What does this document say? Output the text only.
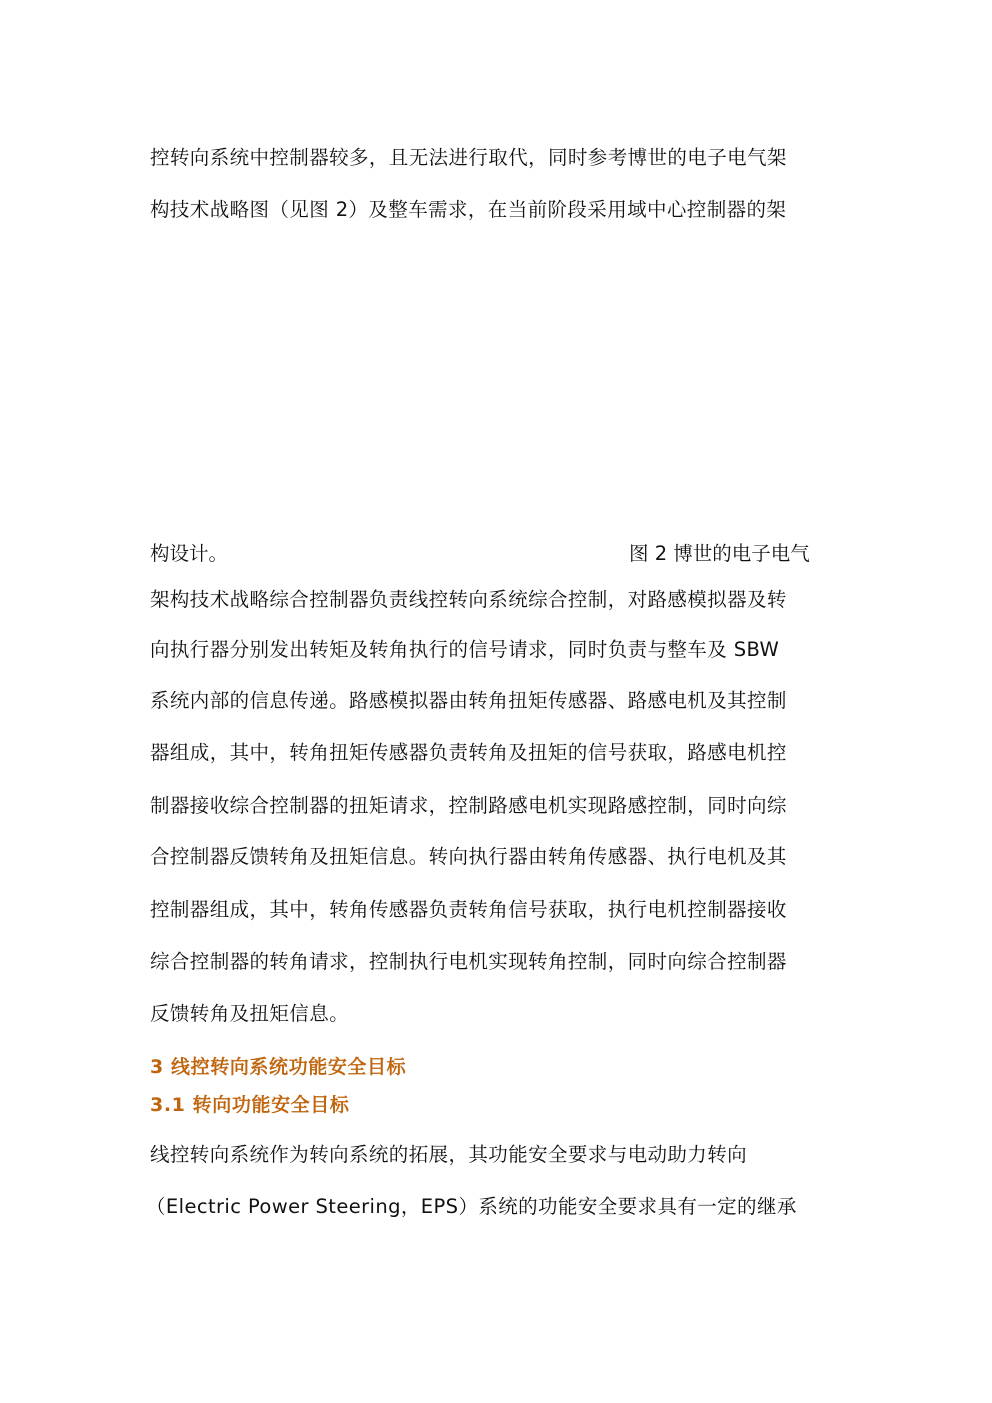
控转向系统中控制器较多，且无法进行取代，同时参考博世的电子电气架
构技术战略图（见图 2）及整车需求，在当前阶段采用域中心控制器的架
构设计。	图 2 博世的电子电气
架构技术战略综合控制器负责线控转向系统综合控制，对路感模拟器及转
向执行器分别发出转矩及转角执行的信号请求，同时负责与整车及 SBW
系统内部的信息传递。路感模拟器由转角扭矩传感器、路感电机及其控制
器组成，其中，转角扭矩传感器负责转角及扭矩的信号获取，路感电机控
制器接收综合控制器的扭矩请求，控制路感电机实现路感控制，同时向综
合控制器反馈转角及扭矩信息。转向执行器由转角传感器、执行电机及其
控制器组成，其中，转角传感器负责转角信号获取，执行电机控制器接收
综合控制器的转角请求，控制执行电机实现转角控制，同时向综合控制器
反馈转角及扭矩信息。
3 线控转向系统功能安全目标
3.1 转向功能安全目标
线控转向系统作为转向系统的拓展，其功能安全要求与电动助力转向
（Electric Power Steering，EPS）系统的功能安全要求具有一定的继承
